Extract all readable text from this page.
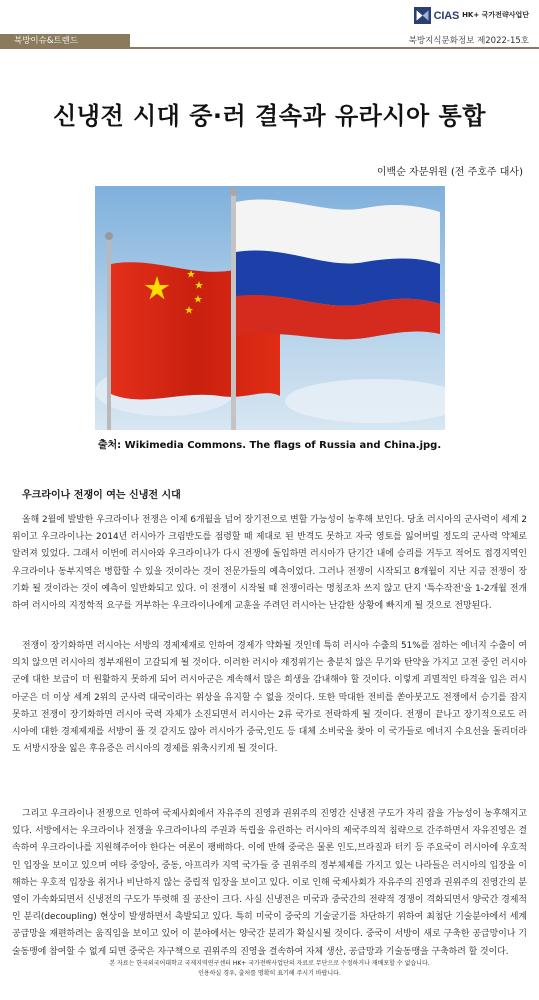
CIAS HK+ 국가전략사업단
북방이슈&트렌드	북방지식문화정보 제2022-15호
신냉전 시대 중·러 결속과 유라시아 통합
이백순 자문위원 (전 주호주 대사)
출처: Wikimedia Commons. The flags of Russia and China.jpg.
우크라이나 전쟁이 여는 신냉전 시대

올해 2월에 발발한 우크라이나 전쟁은 이제 6개월을 넘어 장기전으로 변할 가능성이 농후해 보인다. 당초 러시아의 군사력이 세계 2위이고 우크라이나는 2014년 러시아가 크림반도를 점령할 때 제대로 된 반격도 못하고 자국 영토를 잃어버릴 정도의 군사력 약체로 알려져 있었다. 그래서 이번에 러시아와 우크라이나가 다시 전쟁에 돌입하면 러시아가 단기간 내에 승리를 거두고 적어도 접경지역인 우크라이나 동부지역은 병합할 수 있을 것이라는 것이 전문가들의 예측이었다. 그러나 전쟁이 시작되고 8개월이 지난 지금 전쟁이 장기화 될 것이라는 것이 예측이 일반화되고 있다. 이 전쟁이 시작될 때 전쟁이라는 명칭조차 쓰지 않고 단지 '특수작전'을 1-2개월 전개하여 러시아의 지정학적 요구를 거부하는 우크라이나에게 교훈을 주려던 러시아는 난감한 상황에 빠지게 될 것으로 전망된다.

전쟁이 장기화하면 러시아는 서방의 경제제재로 인하여 경제가 약화될 것인데 특히 러시아 수출의 51%를 점하는 에너지 수출이 여의치 않으면 러시아의 정부재원이 고갈되게 될 것이다. 이러한 러시아 재정위기는 충분치 않은 무기와 탄약을 가지고 고전 중인 러시아군에 대한 보급이 더 원활하지 못하게 되어 러시아군은 계속해서 많은 희생을 감내해야 할 것이다. 이렇게 괴멸적인 타격을 입은 러시아군은 더 이상 세계 2위의 군사력 대국이라는 위상을 유지할 수 없을 것이다. 또한 막대한 전비를 쏟아붓고도 전쟁에서 승기를 잡지 못하고 전쟁이 장기화하면 러시아 국력 자체가 소진되면서 러시아는 2류 국가로 전락하게 될 것이다. 전쟁이 끝나고 장기적으로도 러시아에 대한 경제제재를 서방이 풀 것 같지도 않아 러시아가 중국,인도 등 대체 소비국을 찾아 이 국가들로 에너지 수요선을 돌리더라도 서방시장을 잃은 후유증은 러시아의 경제를 위축시키게 될 것이다.

그리고 우크라이나 전쟁으로 인하여 국제사회에서 자유주의 진영과 권위주의 진영간 신냉전 구도가 자리 잡을 가능성이 농후해지고 있다. 서방에서는 우크라이나 전쟁을 우크라이나의 주권과 독립을 유린하는 러시아의 제국주의적 침략으로 간주하면서 자유진영은 결속하여 우크라이나를 지원해주어야 한다는 여론이 팽배하다. 이에 반해 중국은 물론 인도,브라질과 터키 등 주요국이 러시아에 우호적인 입장을 보이고 있으며 여타 중앙아, 중동, 아프리카 지역 국가들 중 권위주의 정부체제를 가지고 있는 나라들은 러시아의 입장을 이해하는 우호적 입장을 취거나 비난하지 않는 중립적 입장을 보이고 있다. 이로 인해 국제사회가 자유주의 진영과 권위주의 진영간의 분열이 가속화되면서 신냉전의 구도가 뚜렷해 질 공산이 크다. 사실 신냉전은 미국과 중국간의 전략적 경쟁이 격화되면서 양국간 경제적인 분리(decoupling) 현상이 발생하면서 촉발되고 있다. 특히 미국이 중국의 기술굴기를 차단하기 위하여 최첨단 기술분야에서 세계공급망을 재편하려는 움직임을 보이고 있어 이 분야에서는 양국간 분리가 확실시될 것이다. 중국이 서방이 새로 구축한 공급망이나 기술동맹에 참여할 수 없게 되면 중국은 자구책으로 권위주의 진영을 결속하여 자체 생산, 공급망과 기술동맹을 구축하려 할 것이다.

본 자료는 한국외국어대학교 국제지역연구센터 HK+ 국가전략사업단의 자료로 무단으로 수정하거나 재배포할 수 없습니다.
인용하실 경우, 출처를 명확히 표기해 주시기 바랍니다.
